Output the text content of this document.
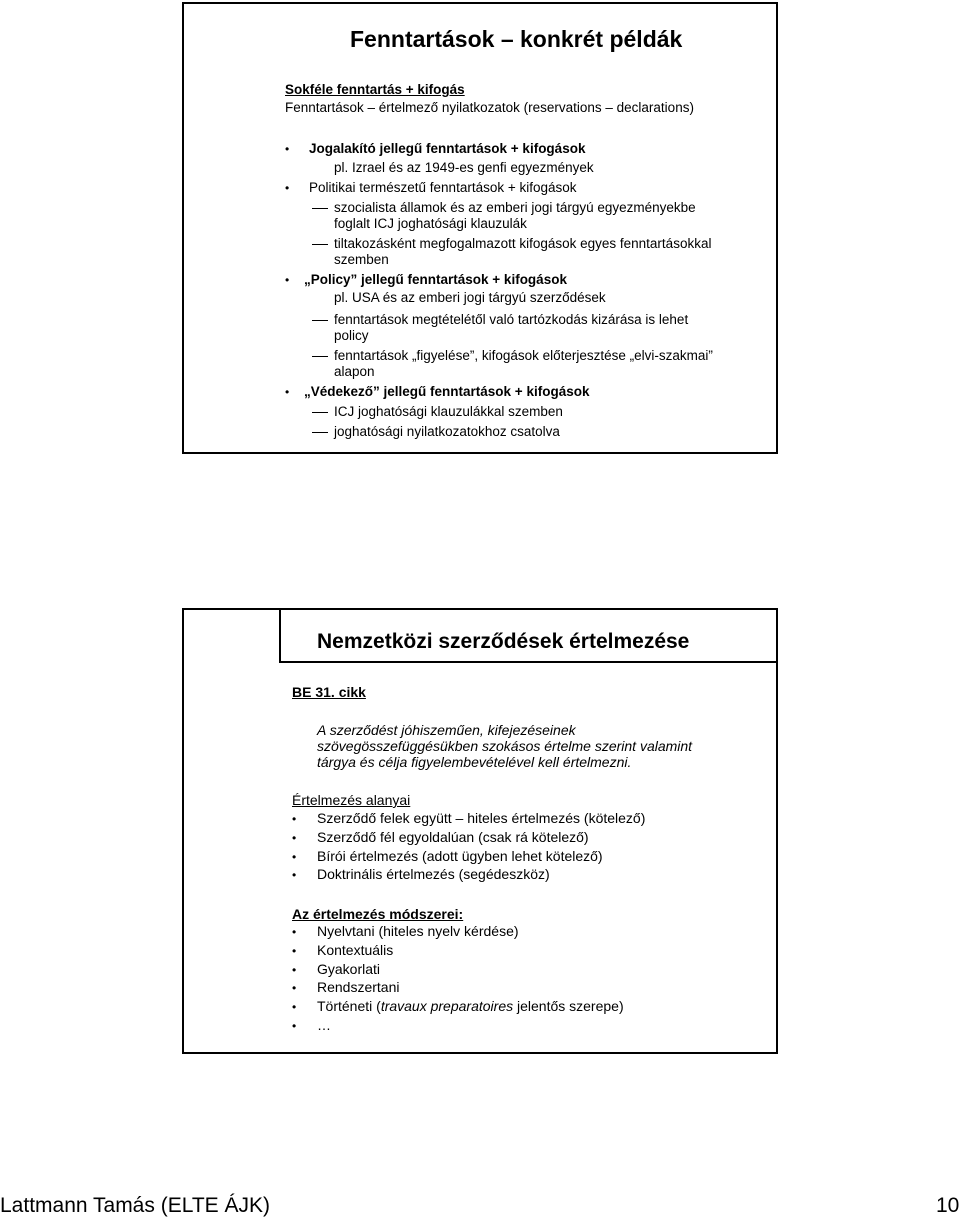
Fenntartások – konkrét példák
Sokféle fenntartás + kifogás
Fenntartások – értelmező nyilatkozatok (reservations – declarations)
• Jogalakító jellegű fenntartások + kifogások
pl. Izrael és az 1949-es genfi egyezmények
• Politikai természetű fenntartások + kifogások
szocialista államok és az emberi jogi tárgyú egyezményekbe
foglalt ICJ joghatósági klauzulák
tiltakozásként megfogalmazott kifogások egyes fenntartásokkal
szemben
• „Policy” jellegű fenntartások + kifogások
pl. USA és az emberi jogi tárgyú szerződések
fenntartások megtételétől való tartózkodás kizárása is lehet
policy
fenntartások „figyelése”, kifogások előterjesztése „elvi-szakmai”
alapon
• „Védekező” jellegű fenntartások + kifogások
ICJ joghatósági klauzulákkal szemben
joghatósági nyilatkozatokhoz csatolva
Nemzetközi szerződések értelmezése
BE 31. cikk
A szerződést jóhiszeműen, kifejezéseinek
szövegösszefüggésükben szokásos értelme szerint valamint
tárgya és célja figyelembevételével kell értelmezni.
Értelmezés alanyai
• Szerződő felek együtt – hiteles értelmezés (kötelező)
• Szerződő fél egyoldalúan (csak rá kötelező)
• Bírói értelmezés (adott ügyben lehet kötelező)
• Doktrinális értelmezés (segédeszköz)
Az értelmezés módszerei:
• Nyelvtani (hiteles nyelv kérdése)
• Kontextuális
• Gyakorlati
• Rendszertani
• Történeti (travaux preparatoires jelentős szerepe)
• …
Lattmann Tamás (ELTE ÁJK)	10
